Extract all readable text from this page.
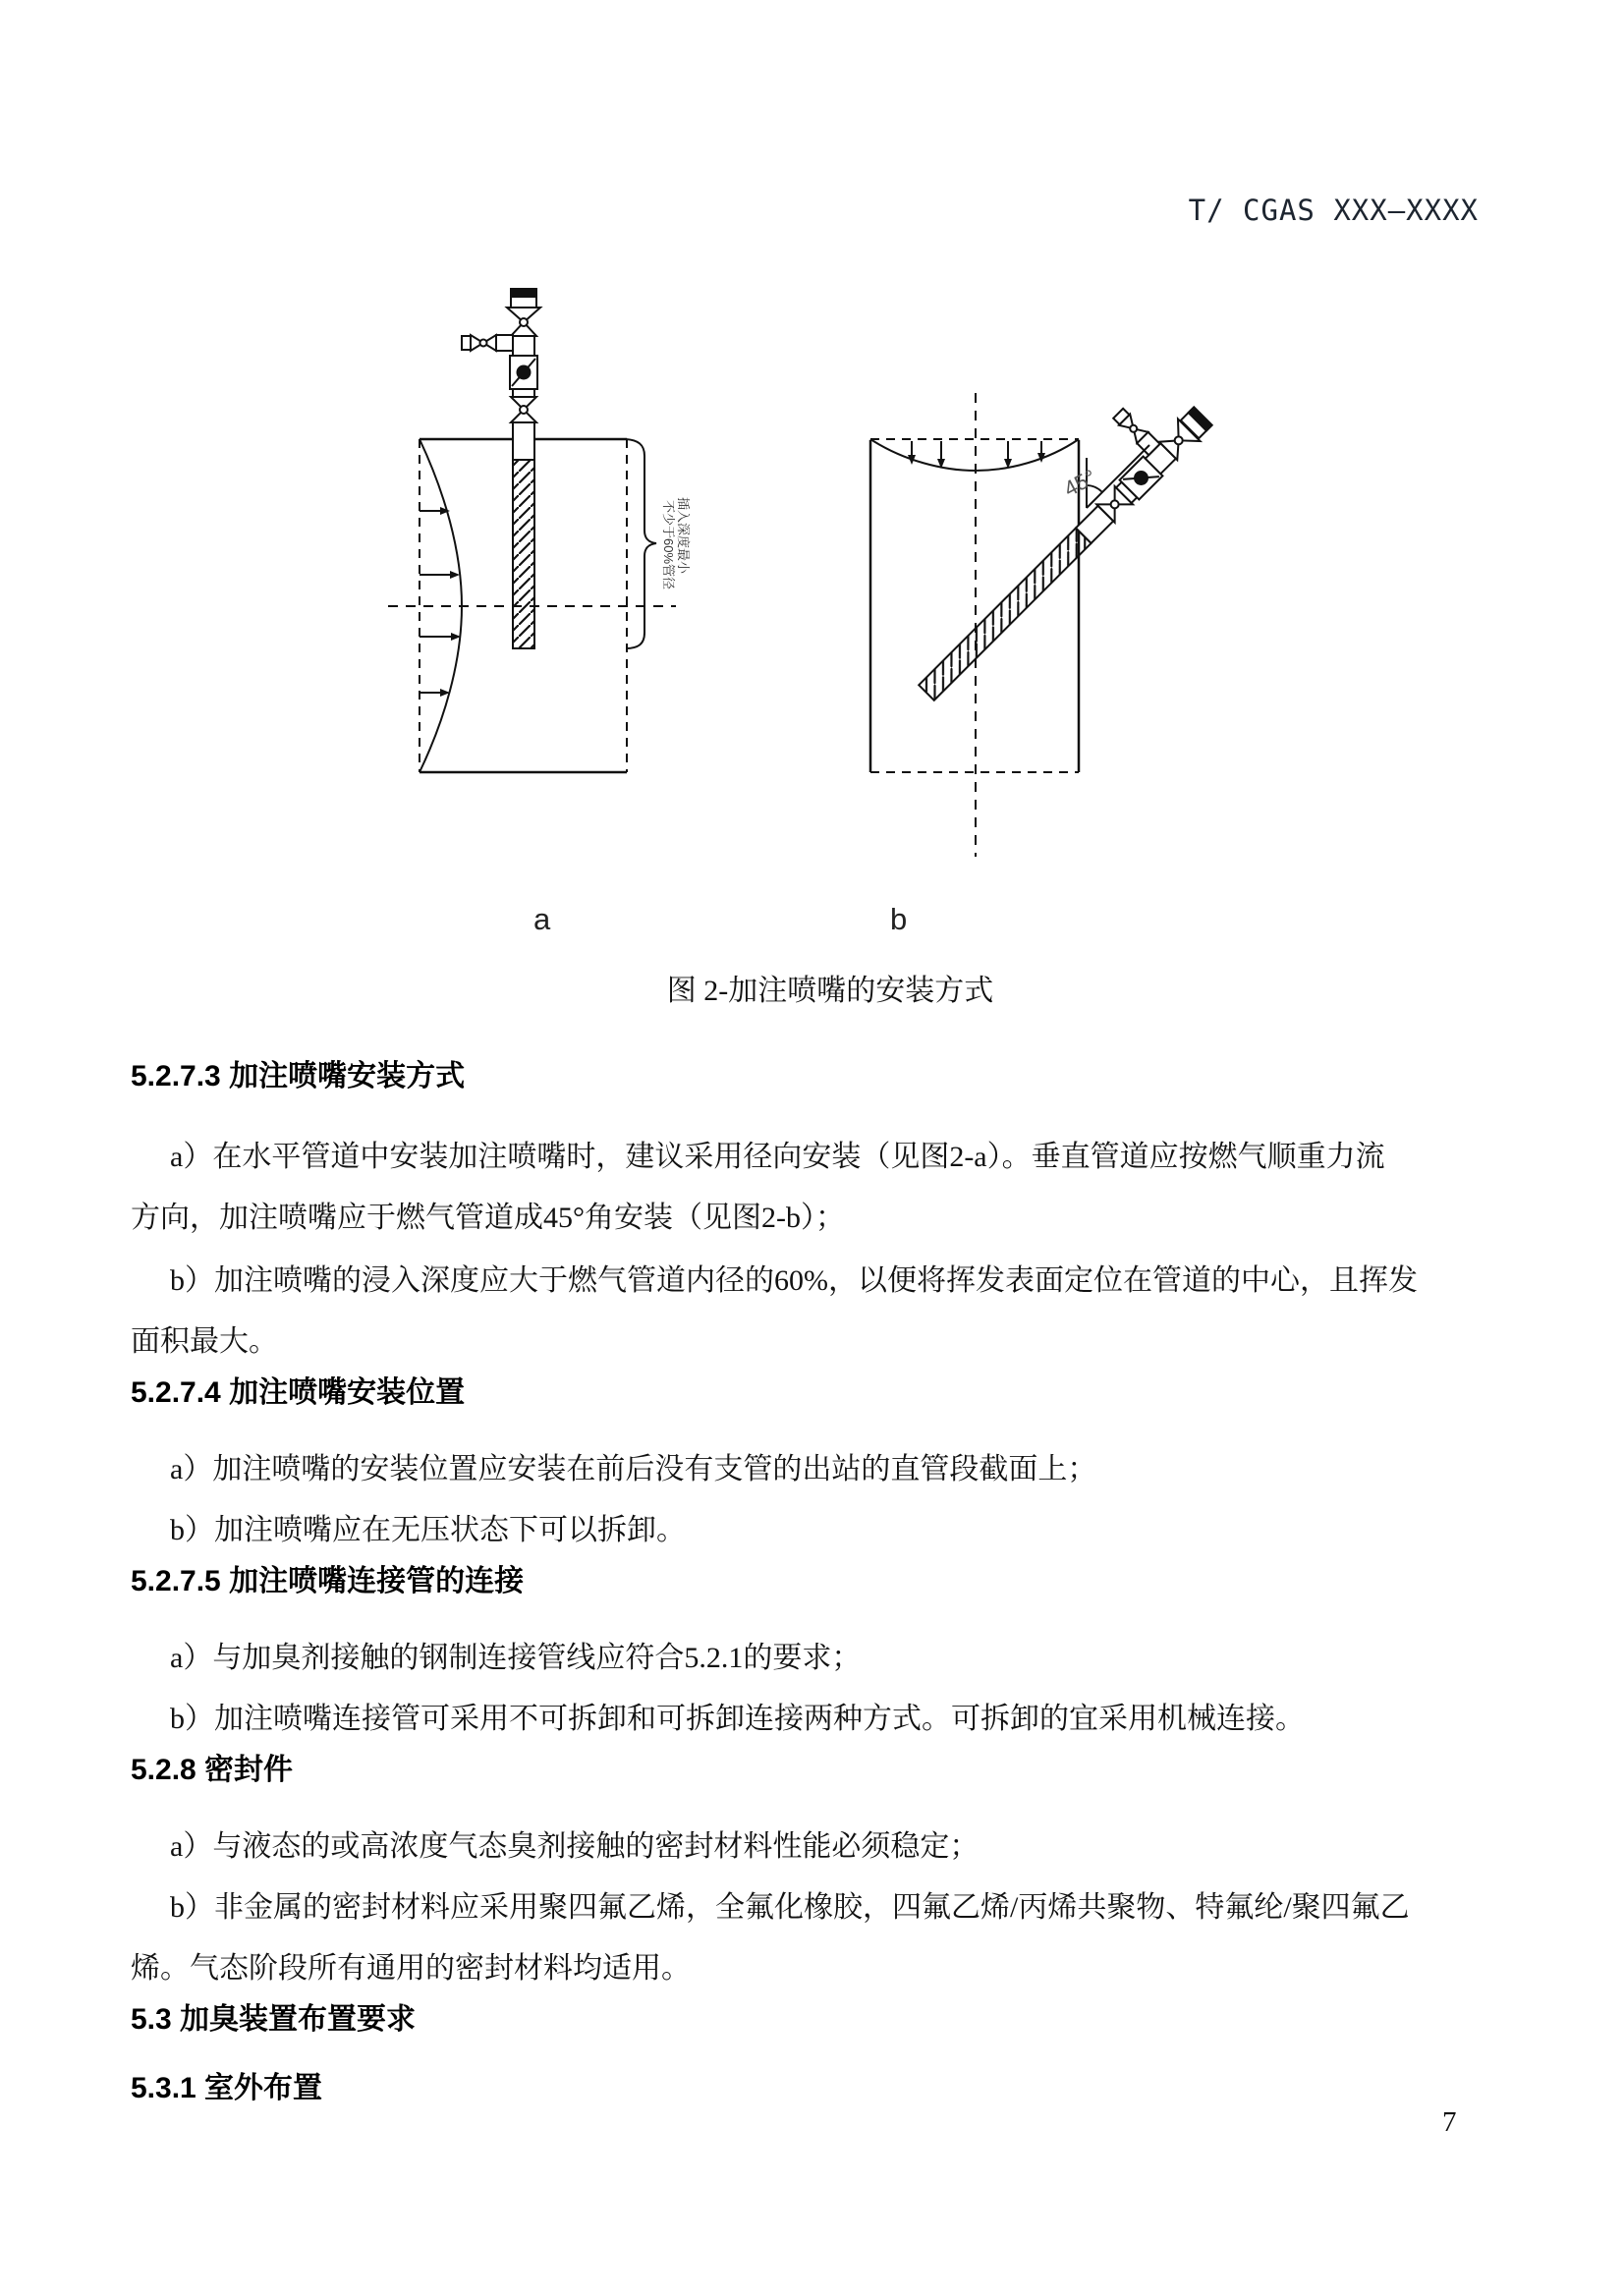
T/ CGAS XXX—XXXX
插入深度最小
不少于60%管径
45°
a	b
图 2-加注喷嘴的安装方式
5.2.7.3 加注喷嘴安装方式
a）在水平管道中安装加注喷嘴时，建议采用径向安装（见图2-a）。垂直管道应按燃气顺重力流
方向，加注喷嘴应于燃气管道成45°角安装（见图2-b）；
b）加注喷嘴的浸入深度应大于燃气管道内径的60%，以便将挥发表面定位在管道的中心，且挥发
面积最大。
5.2.7.4 加注喷嘴安装位置
a）加注喷嘴的安装位置应安装在前后没有支管的出站的直管段截面上；
b）加注喷嘴应在无压状态下可以拆卸。
5.2.7.5 加注喷嘴连接管的连接
a）与加臭剂接触的钢制连接管线应符合5.2.1的要求；
b）加注喷嘴连接管可采用不可拆卸和可拆卸连接两种方式。可拆卸的宜采用机械连接。
5.2.8 密封件
a）与液态的或高浓度气态臭剂接触的密封材料性能必须稳定；
b）非金属的密封材料应采用聚四氟乙烯，全氟化橡胶，四氟乙烯/丙烯共聚物、特氟纶/聚四氟乙
烯。气态阶段所有通用的密封材料均适用。
5.3 加臭装置布置要求
5.3.1 室外布置
7
